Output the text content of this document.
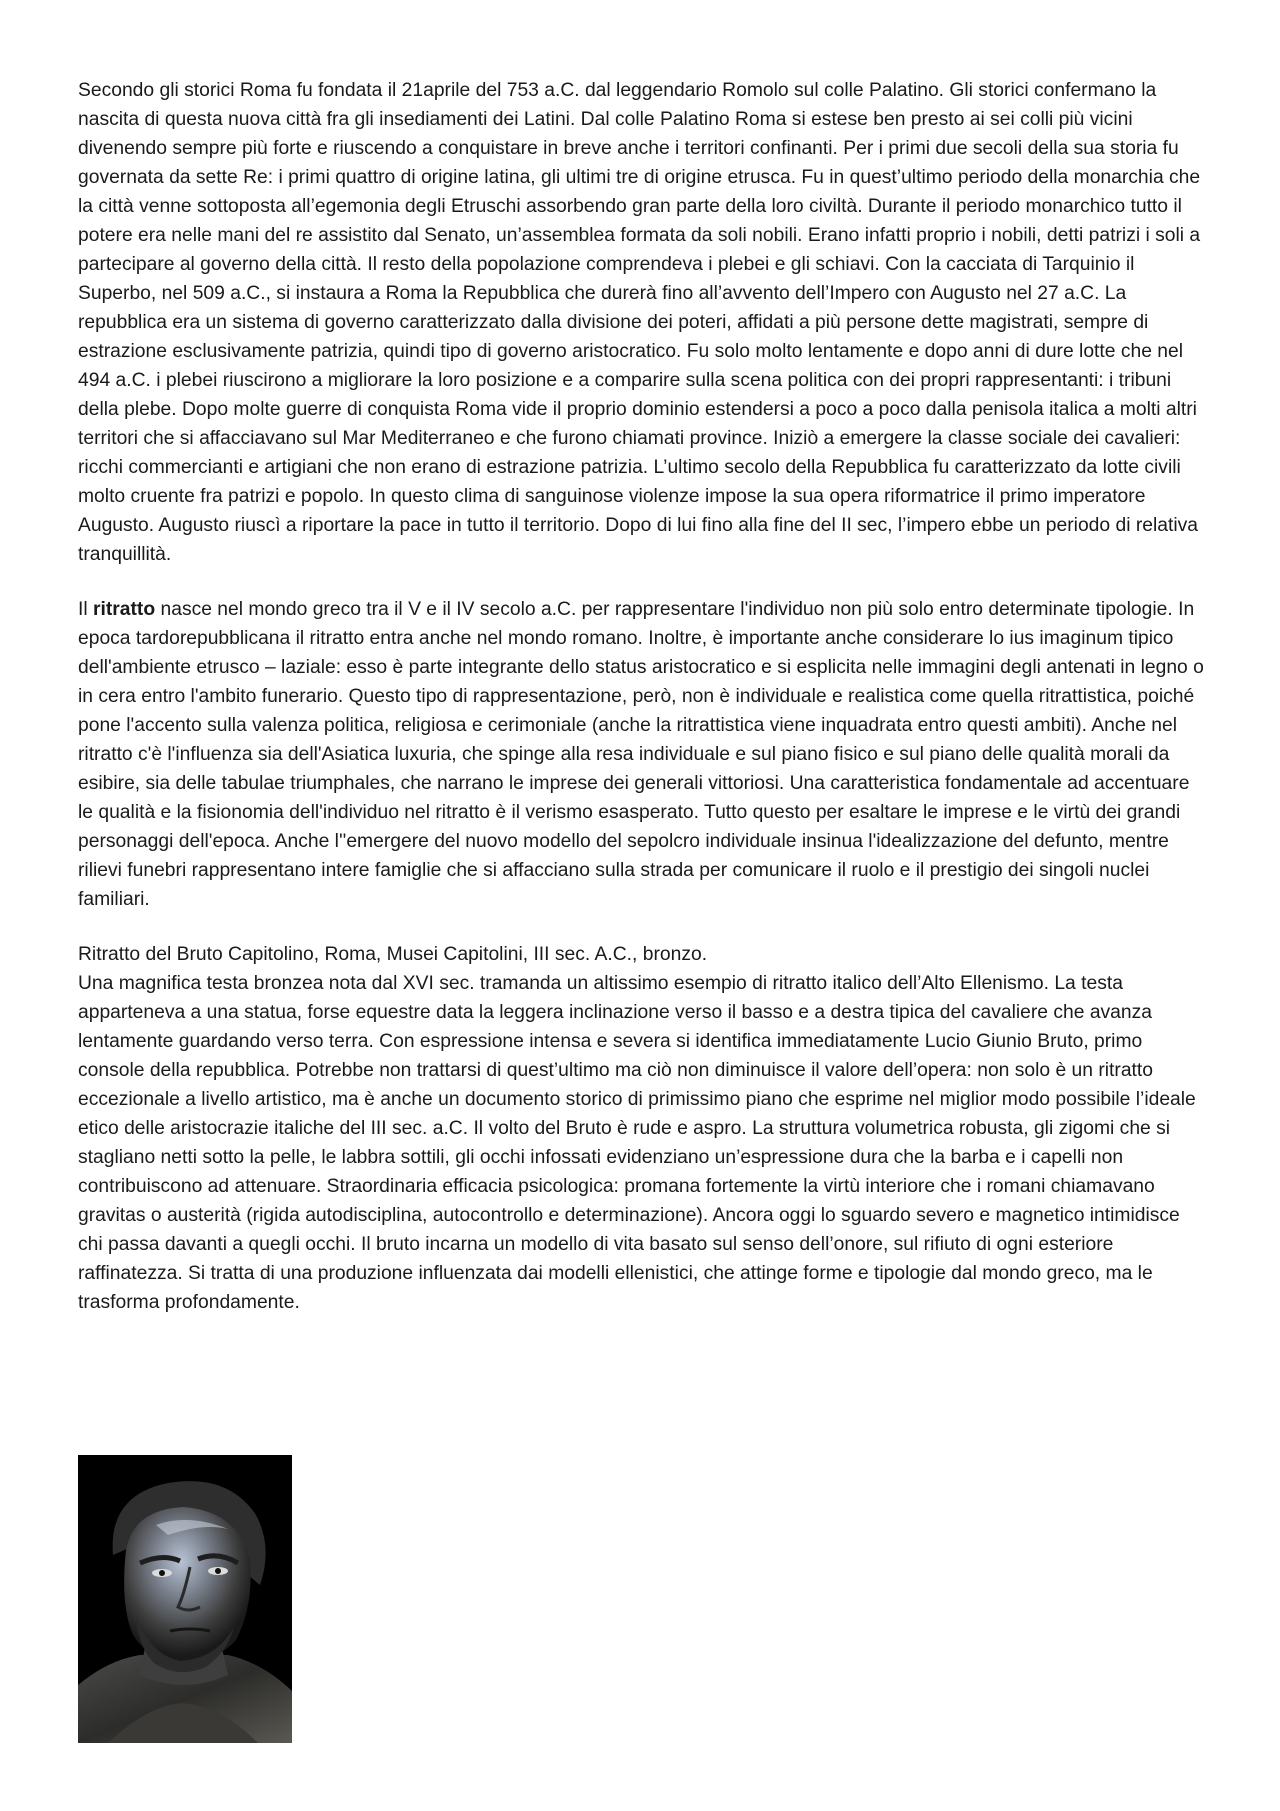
Secondo gli storici Roma fu fondata il 21aprile del 753 a.C. dal leggendario Romolo sul colle Palatino. Gli storici confermano la nascita di questa nuova città fra gli insediamenti dei Latini. Dal colle Palatino Roma si estese ben presto ai sei colli più vicini divenendo sempre più forte e riuscendo a conquistare in breve anche i territori confinanti. Per i primi due secoli della sua storia fu governata da sette Re: i primi quattro di origine latina, gli ultimi tre di origine etrusca. Fu in quest’ultimo periodo della monarchia che la città venne sottoposta all’egemonia degli Etruschi assorbendo gran parte della loro civiltà. Durante il periodo monarchico tutto il potere era nelle mani del re assistito dal Senato, un’assemblea formata da soli nobili. Erano infatti proprio i nobili, detti patrizi i soli a partecipare al governo della città. Il resto della popolazione comprendeva i plebei e gli schiavi. Con la cacciata di Tarquinio il Superbo, nel 509 a.C., si instaura a Roma la Repubblica che durerà fino all’avvento dell’Impero con Augusto nel 27 a.C. La repubblica era un sistema di governo caratterizzato dalla divisione dei poteri, affidati a più persone dette magistrati, sempre di estrazione esclusivamente patrizia, quindi tipo di governo aristocratico. Fu solo molto lentamente e dopo anni di dure lotte che nel 494 a.C. i plebei riuscirono a migliorare la loro posizione e a comparire sulla scena politica con dei propri rappresentanti: i tribuni della plebe. Dopo molte guerre di conquista Roma vide il proprio dominio estendersi a poco a poco dalla penisola italica a molti altri territori che si affacciavano sul Mar Mediterraneo e che furono chiamati province. Iniziò a emergere la classe sociale dei cavalieri: ricchi commercianti e artigiani che non erano di estrazione patrizia. L’ultimo secolo della Repubblica fu caratterizzato da lotte civili molto cruente fra patrizi e popolo. In questo clima di sanguinose violenze impose la sua opera riformatrice il primo imperatore Augusto. Augusto riuscì a riportare la pace in tutto il territorio. Dopo di lui fino alla fine del II sec, l’impero ebbe un periodo di relativa tranquillità.

Il ritratto nasce nel mondo greco tra il V e il IV secolo a.C. per rappresentare l'individuo non più solo entro determinate tipologie. In epoca tardorepubblicana il ritratto entra anche nel mondo romano. Inoltre, è importante anche considerare lo ius imaginum tipico dell'ambiente etrusco – laziale: esso è parte integrante dello status aristocratico e si esplicita nelle immagini degli antenati in legno o in cera entro l'ambito funerario. Questo tipo di rappresentazione, però, non è individuale e realistica come quella ritrattistica, poiché pone l'accento sulla valenza politica, religiosa e cerimoniale (anche la ritrattistica viene inquadrata entro questi ambiti). Anche nel ritratto c'è l'influenza sia dell'Asiatica luxuria, che spinge alla resa individuale e sul piano fisico e sul piano delle qualità morali da esibire, sia delle tabulae triumphales, che narrano le imprese dei generali vittoriosi. Una caratteristica fondamentale ad accentuare le qualità e la fisionomia dell'individuo nel ritratto è il verismo esasperato. Tutto questo per esaltare le imprese e le virtù dei grandi personaggi dell'epoca. Anche l''emergere del nuovo modello del sepolcro individuale insinua l'idealizzazione del defunto, mentre rilievi funebri rappresentano intere famiglie che si affacciano sulla strada per comunicare il ruolo e il prestigio dei singoli nuclei familiari.

Ritratto del Bruto Capitolino, Roma, Musei Capitolini, III sec. A.C., bronzo.

Una magnifica testa bronzea nota dal XVI sec. tramanda un altissimo esempio di ritratto italico dell’Alto Ellenismo. La testa apparteneva a una statua, forse equestre data la leggera inclinazione verso il basso e a destra tipica del cavaliere che avanza lentamente guardando verso terra. Con espressione intensa e severa si identifica immediatamente Lucio Giunio Bruto, primo console della repubblica. Potrebbe non trattarsi di quest’ultimo ma ciò non diminuisce il valore dell’opera: non solo è un ritratto eccezionale a livello artistico, ma è anche un documento storico di primissimo piano che esprime nel miglior modo possibile l’ideale etico delle aristocrazie italiche del III sec. a.C. Il volto del Bruto è rude e aspro. La struttura volumetrica robusta, gli zigomi che si stagliano netti sotto la pelle, le labbra sottili, gli occhi infossati evidenziano un’espressione dura che la barba e i capelli non contribuiscono ad attenuare. Straordinaria efficacia psicologica: promana fortemente la virtù interiore che i romani chiamavano gravitas o austerità (rigida autodisciplina, autocontrollo e determinazione). Ancora oggi lo sguardo severo e magnetico intimidisce chi passa davanti a quegli occhi. Il bruto incarna un modello di vita basato sul senso dell’onore, sul rifiuto di ogni esteriore raffinatezza. Si tratta di una produzione influenzata dai modelli ellenistici, che attinge forme e tipologie dal mondo greco, ma le trasforma profondamente.
